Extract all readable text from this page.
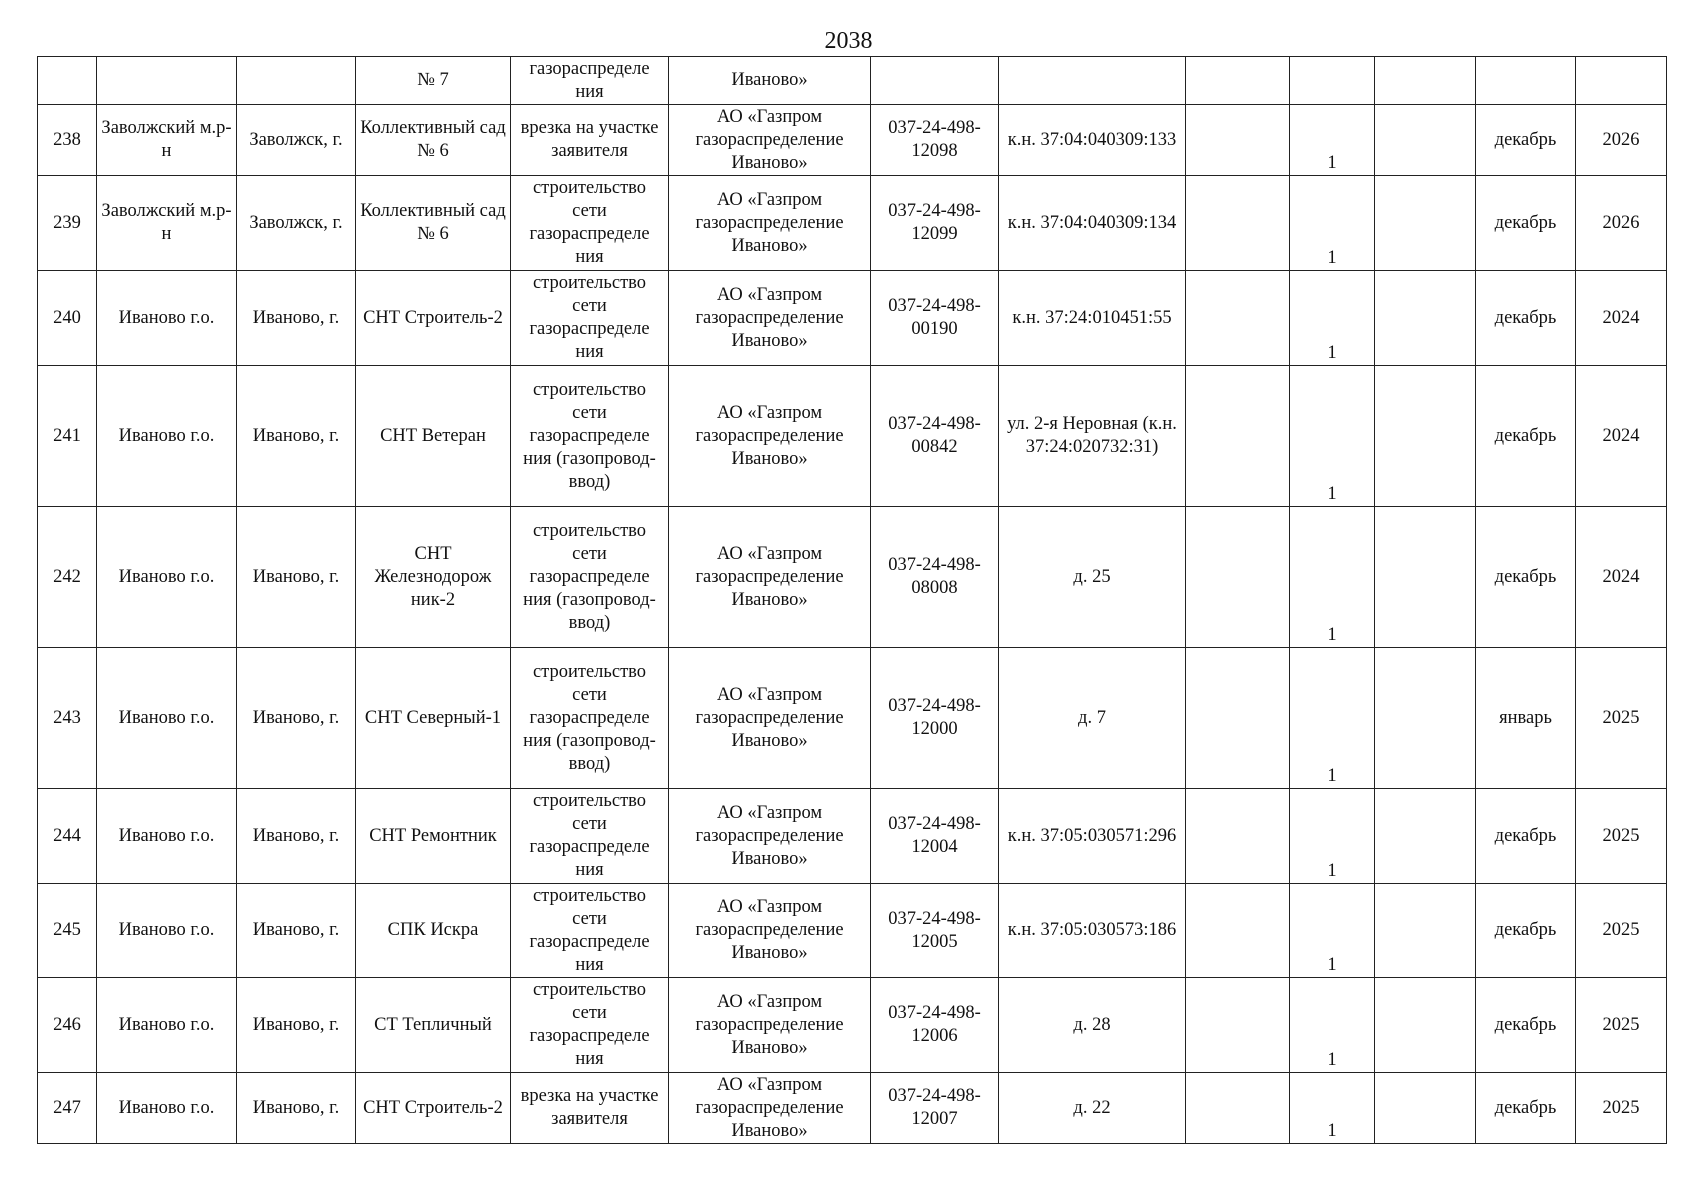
2038
			№ 7	газораспределе ния	Иваново»							
238	Заволжский м.р-н	Заволжск, г.	Коллективный сад № 6	врезка на участке заявителя	АО «Газпром газораспределение Иваново»	037-24-498-12098	к.н. 37:04:040309:133		1		декабрь	2026
239	Заволжский м.р-н	Заволжск, г.	Коллективный сад № 6	строительство сети газораспределе ния	АО «Газпром газораспределение Иваново»	037-24-498-12099	к.н. 37:04:040309:134		1		декабрь	2026
240	Иваново г.о.	Иваново, г.	СНТ Строитель-2	строительство сети газораспределе ния	АО «Газпром газораспределение Иваново»	037-24-498-00190	к.н. 37:24:010451:55		1		декабрь	2024
241	Иваново г.о.	Иваново, г.	СНТ Ветеран	строительство сети газораспределе ния (газопровод-ввод)	АО «Газпром газораспределение Иваново»	037-24-498-00842	ул. 2-я Неровная (к.н. 37:24:020732:31)		1		декабрь	2024
242	Иваново г.о.	Иваново, г.	СНТ Железнодорож ник-2	строительство сети газораспределе ния (газопровод-ввод)	АО «Газпром газораспределение Иваново»	037-24-498-08008	д. 25		1		декабрь	2024
243	Иваново г.о.	Иваново, г.	СНТ Северный-1	строительство сети газораспределе ния (газопровод-ввод)	АО «Газпром газораспределение Иваново»	037-24-498-12000	д. 7		1		январь	2025
244	Иваново г.о.	Иваново, г.	СНТ Ремонтник	строительство сети газораспределе ния	АО «Газпром газораспределение Иваново»	037-24-498-12004	к.н. 37:05:030571:296		1		декабрь	2025
245	Иваново г.о.	Иваново, г.	СПК Искра	строительство сети газораспределе ния	АО «Газпром газораспределение Иваново»	037-24-498-12005	к.н. 37:05:030573:186		1		декабрь	2025
246	Иваново г.о.	Иваново, г.	СТ Тепличный	строительство сети газораспределе ния	АО «Газпром газораспределение Иваново»	037-24-498-12006	д. 28		1		декабрь	2025
247	Иваново г.о.	Иваново, г.	СНТ Строитель-2	врезка на участке заявителя	АО «Газпром газораспределение Иваново»	037-24-498-12007	д. 22		1		декабрь	2025
